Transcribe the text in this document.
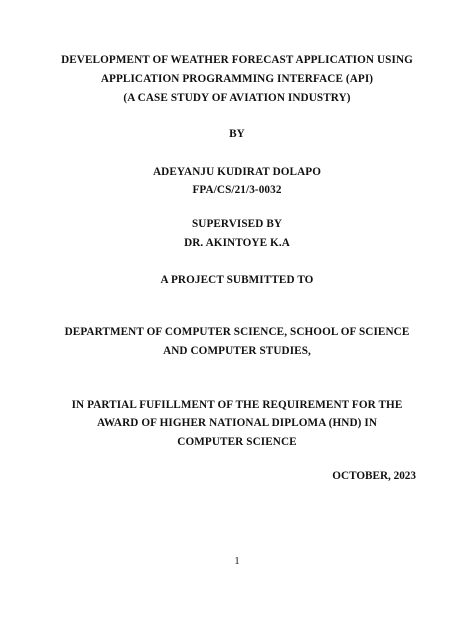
DEVELOPMENT OF WEATHER FORECAST APPLICATION USING
APPLICATION PROGRAMMING INTERFACE (API)
(A CASE STUDY OF AVIATION INDUSTRY)
BY
ADEYANJU KUDIRAT DOLAPO
FPA/CS/21/3-0032
SUPERVISED BY
DR. AKINTOYE K.A
A PROJECT SUBMITTED TO
DEPARTMENT OF COMPUTER SCIENCE, SCHOOL OF SCIENCE
AND COMPUTER STUDIES,
IN PARTIAL FUFILLMENT OF THE REQUIREMENT FOR THE
AWARD OF HIGHER NATIONAL DIPLOMA (HND) IN
COMPUTER SCIENCE
OCTOBER, 2023
1
